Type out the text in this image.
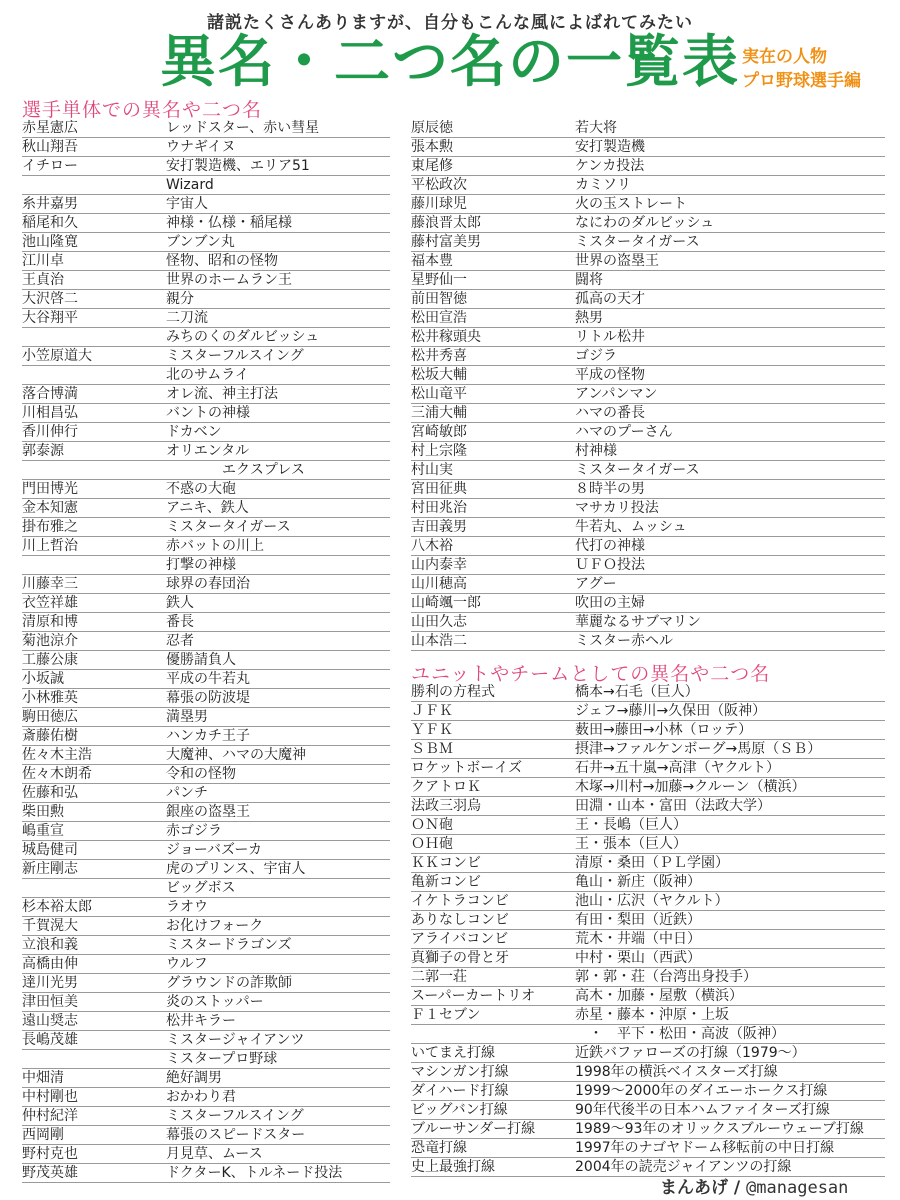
諸説たくさんありますが、自分もこんな風によばれてみたい
異名・二つ名の一覧表 実在の人物
プロ野球選手編
選手単体での異名や二つ名
ユニットやチームとしての異名や二つ名
赤星憲広	レッドスター、赤い彗星
秋山翔吾	ウナギイヌ
イチロー	安打製造機、エリア51
Wizard
糸井嘉男	宇宙人
稲尾和久	神様・仏様・稲尾様
池山隆寛	ブンブン丸
江川卓	怪物、昭和の怪物
王貞治	世界のホームラン王
大沢啓二	親分
大谷翔平	二刀流
みちのくのダルビッシュ
小笠原道大	ミスターフルスイング
北のサムライ
落合博満	オレ流、神主打法
川相昌弘	バントの神様
香川伸行	ドカベン
郭泰源	オリエンタル
　　　　エクスプレス
門田博光	不惑の大砲
金本知憲	アニキ、鉄人
掛布雅之	ミスタータイガース
川上哲治	赤バットの川上
打撃の神様
川藤幸三	球界の春団治
衣笠祥雄	鉄人
清原和博	番長
菊池涼介	忍者
工藤公康	優勝請負人
小坂誠	平成の牛若丸
小林雅英	幕張の防波堤
駒田徳広	満塁男
斎藤佑樹	ハンカチ王子
佐々木主浩	大魔神、ハマの大魔神
佐々木朗希	令和の怪物
佐藤和弘	パンチ
柴田勲	銀座の盗塁王
嶋重宣	赤ゴジラ
城島健司	ジョーバズーカ
新庄剛志	虎のプリンス、宇宙人
ビッグボス
杉本裕太郎	ラオウ
千賀滉大	お化けフォーク
立浪和義	ミスタードラゴンズ
高橋由伸	ウルフ
達川光男	グラウンドの詐欺師
津田恒美	炎のストッパー
遠山奨志	松井キラー
長嶋茂雄	ミスタージャイアンツ
ミスタープロ野球
中畑清	絶好調男
中村剛也	おかわり君
仲村紀洋	ミスターフルスイング
西岡剛	幕張のスピードスター
野村克也	月見草、ムース
野茂英雄	ドクターK、トルネード投法
原辰徳	若大将
張本勲	安打製造機
東尾修	ケンカ投法
平松政次	カミソリ
藤川球児	火の玉ストレート
藤浪晋太郎	なにわのダルビッシュ
藤村富美男	ミスタータイガース
福本豊	世界の盗塁王
星野仙一	闘将
前田智徳	孤高の天才
松田宣浩	熱男
松井稼頭央	リトル松井
松井秀喜	ゴジラ
松坂大輔	平成の怪物
松山竜平	アンパンマン
三浦大輔	ハマの番長
宮崎敏郎	ハマのプーさん
村上宗隆	村神様
村山実	ミスタータイガース
宮田征典	８時半の男
村田兆治	マサカリ投法
吉田義男	牛若丸、ムッシュ
八木裕	代打の神様
山内泰幸	ＵＦＯ投法
山川穂高	アグー
山崎颯一郎	吹田の主婦
山田久志	華麗なるサブマリン
山本浩二	ミスター赤ヘル
勝利の方程式	橋本→石毛（巨人）
ＪＦＫ	ジェフ→藤川→久保田（阪神）
ＹＦＫ	薮田→藤田→小林（ロッテ）
ＳＢＭ	摂津→ファルケンボーグ→馬原（ＳＢ）
ロケットボーイズ	石井→五十嵐→高津（ヤクルト）
クアトロＫ	木塚→川村→加藤→クルーン（横浜）
法政三羽烏	田淵・山本・富田（法政大学）
ＯＮ砲	王・長嶋（巨人）
ＯＨ砲	王・張本（巨人）
ＫＫコンビ	清原・桑田（ＰＬ学園）
亀新コンビ	亀山・新庄（阪神）
イケトラコンビ	池山・広沢（ヤクルト）
ありなしコンビ	有田・梨田（近鉄）
アライバコンビ	荒木・井端（中日）
真獅子の骨と牙	中村・栗山（西武）
二郭一荘	郭・郭・荘（台湾出身投手）
スーパーカートリオ	高木・加藤・屋敷（横浜）
Ｆ１セブン	赤星・藤本・沖原・上坂
　・　平下・松田・高波（阪神）
いてまえ打線	近鉄バファローズの打線（1979～）
マシンガン打線	1998年の横浜ベイスターズ打線
ダイハード打線	1999～2000年のダイエーホークス打線
ビッグバン打線	90年代後半の日本ハムファイターズ打線
ブルーサンダー打線	1989～93年のオリックスブルーウェーブ打線
恐竜打線	1997年のナゴヤドーム移転前の中日打線
史上最強打線	2004年の読売ジャイアンツの打線
まんあげ / @managesan
